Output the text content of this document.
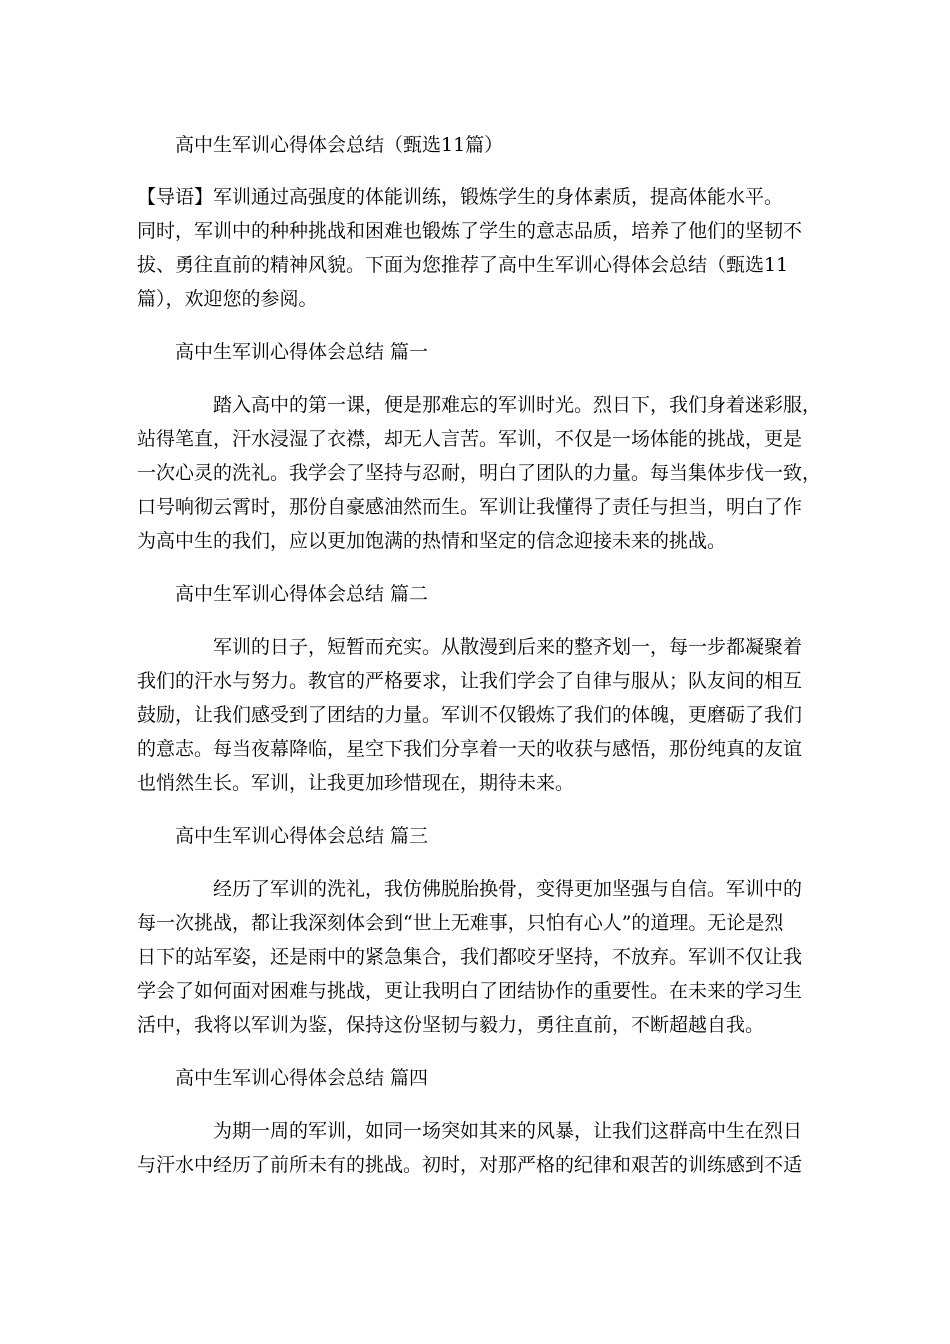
高中生军训心得体会总结（甄选11篇）

【导语】军训通过高强度的体能训练，锻炼学生的身体素质，提高体能水平。

同时，军训中的种种挑战和困难也锻炼了学生的意志品质，培养了他们的坚韧不

拔、勇往直前的精神风貌。下面为您推荐了高中生军训心得体会总结（甄选11

篇），欢迎您的参阅。

高中生军训心得体会总结 篇一

踏入高中的第一课，便是那难忘的军训时光。烈日下，我们身着迷彩服，

站得笔直，汗水浸湿了衣襟，却无人言苦。军训，不仅是一场体能的挑战，更是

一次心灵的洗礼。我学会了坚持与忍耐，明白了团队的力量。每当集体步伐一致，

口号响彻云霄时，那份自豪感油然而生。军训让我懂得了责任与担当，明白了作

为高中生的我们，应以更加饱满的热情和坚定的信念迎接未来的挑战。

高中生军训心得体会总结 篇二

军训的日子，短暂而充实。从散漫到后来的整齐划一，每一步都凝聚着

我们的汗水与努力。教官的严格要求，让我们学会了自律与服从；队友间的相互

鼓励，让我们感受到了团结的力量。军训不仅锻炼了我们的体魄，更磨砺了我们

的意志。每当夜幕降临，星空下我们分享着一天的收获与感悟，那份纯真的友谊

也悄然生长。军训，让我更加珍惜现在，期待未来。

高中生军训心得体会总结 篇三

经历了军训的洗礼，我仿佛脱胎换骨，变得更加坚强与自信。军训中的

每一次挑战，都让我深刻体会到“世上无难事，只怕有心人”的道理。无论是烈

日下的站军姿，还是雨中的紧急集合，我们都咬牙坚持，不放弃。军训不仅让我

学会了如何面对困难与挑战，更让我明白了团结协作的重要性。在未来的学习生

活中，我将以军训为鉴，保持这份坚韧与毅力，勇往直前，不断超越自我。

高中生军训心得体会总结 篇四

为期一周的军训，如同一场突如其来的风暴，让我们这群高中生在烈日

与汗水中经历了前所未有的挑战。初时，对那严格的纪律和艰苦的训练感到不适
